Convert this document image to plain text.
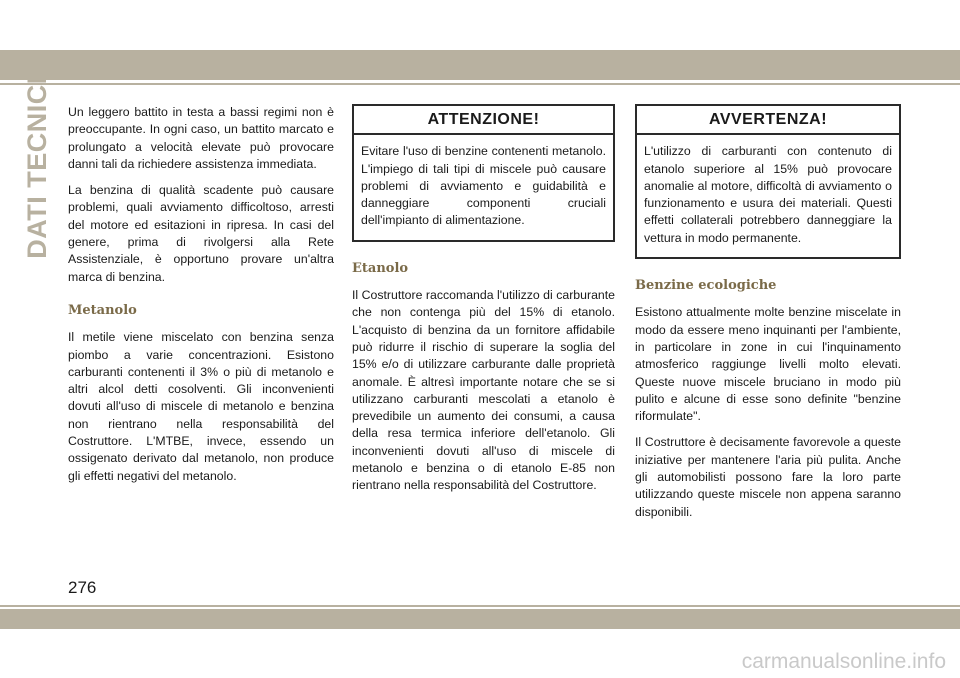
DATI TECNICI Un leggero battito in testa a bassi regimi non è preoccupante. In ogni caso, un battito marcato e prolungato a velocità elevate può provocare danni tali da richiedere assistenza immediata.

La benzina di qualità scadente può causare problemi, quali avviamento difficoltoso, arresti del motore ed esitazioni in ripresa. In casi del genere, prima di rivolgersi alla Rete Assistenziale, è opportuno provare un'altra marca di benzina.

Metanolo

Il metile viene miscelato con benzina senza piombo a varie concentrazioni. Esistono carburanti contenenti il 3% o più di metanolo e altri alcol detti cosolventi. Gli inconvenienti dovuti all'uso di miscele di metanolo e benzina non rientrano nella responsabilità del Costruttore. L'MTBE, invece, essendo un ossigenato derivato dal metanolo, non produce gli effetti negativi del metanolo.

ATTENZIONE!
Evitare l'uso di benzine contenenti metanolo. L'impiego di tali tipi di miscele può causare problemi di avviamento e guidabilità e danneggiare componenti cruciali dell'impianto di alimentazione.
Etanolo

Il Costruttore raccomanda l'utilizzo di carburante che non contenga più del 15% di etanolo. L'acquisto di benzina da un fornitore affidabile può ridurre il rischio di superare la soglia del 15% e/o di utilizzare carburante dalle proprietà anomale. È altresì importante notare che se si utilizzano carburanti mescolati a etanolo è prevedibile un aumento dei consumi, a causa della resa termica inferiore dell'etanolo. Gli inconvenienti dovuti all'uso di miscele di metanolo e benzina o di etanolo E-85 non rientrano nella responsabilità del Costruttore.

AVVERTENZA!
L'utilizzo di carburanti con contenuto di etanolo superiore al 15% può provocare anomalie al motore, difficoltà di avviamento o funzionamento e usura dei materiali. Questi effetti collaterali potrebbero danneggiare la vettura in modo permanente.
Benzine ecologiche

Esistono attualmente molte benzine miscelate in modo da essere meno inquinanti per l'ambiente, in particolare in zone in cui l'inquinamento atmosferico raggiunge livelli molto elevati. Queste nuove miscele bruciano in modo più pulito e alcune di esse sono definite "benzine riformulate".

Il Costruttore è decisamente favorevole a queste iniziative per mantenere l'aria più pulita. Anche gli automobilisti possono fare la loro parte utilizzando queste miscele non appena saranno disponibili.

276
carmanualsonline.info
